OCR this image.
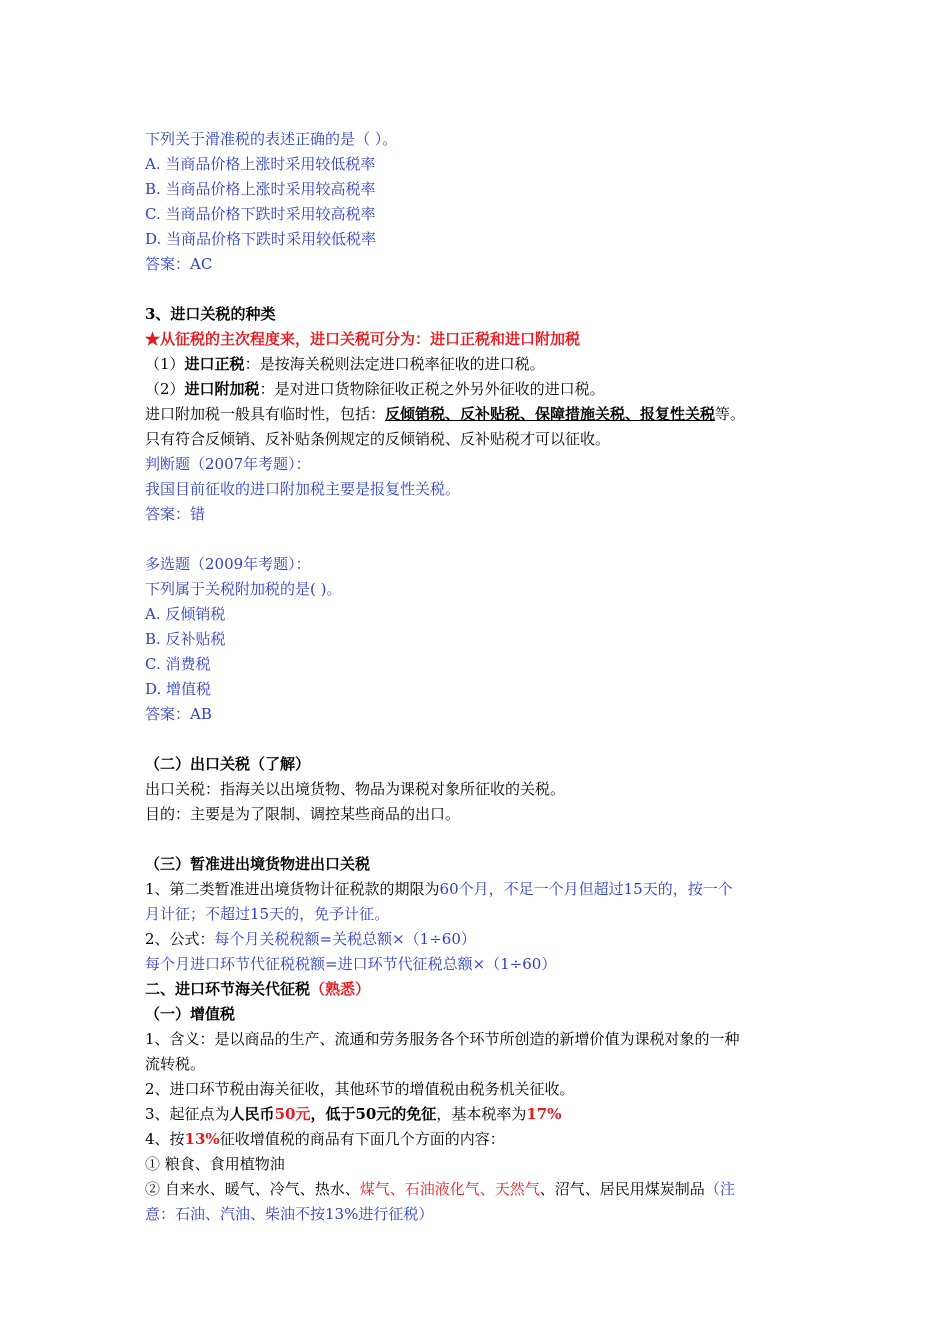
下列关于滑准税的表述正确的是（ ）。
A. 当商品价格上涨时采用较低税率
B. 当商品价格上涨时采用较高税率
C. 当商品价格下跌时采用较高税率
D. 当商品价格下跌时采用较低税率
答案：AC
3、进口关税的种类
★从征税的主次程度来，进口关税可分为：进口正税和进口附加税
（1）进口正税：是按海关税则法定进口税率征收的进口税。
（2）进口附加税：是对进口货物除征收正税之外另外征收的进口税。
进口附加税一般具有临时性，包括：反倾销税、反补贴税、保障措施关税、报复性关税等。
只有符合反倾销、反补贴条例规定的反倾销税、反补贴税才可以征收。
判断题（2007年考题）：
我国目前征收的进口附加税主要是报复性关税。
答案：错
多选题（2009年考题）：
下列属于关税附加税的是( )。
A. 反倾销税
B. 反补贴税
C. 消费税
D. 增值税
答案：AB
（二）出口关税（了解）
出口关税：指海关以出境货物、物品为课税对象所征收的关税。
目的：主要是为了限制、调控某些商品的出口。
（三）暂准进出境货物进出口关税
1、第二类暂准进出境货物计征税款的期限为60个月，不足一个月但超过15天的，按一个
月计征；不超过15天的，免予计征。
2、公式：每个月关税税额=关税总额×（1÷60）
每个月进口环节代征税税额=进口环节代征税总额×（1÷60）
二、进口环节海关代征税（熟悉）
（一）增值税
1、含义：是以商品的生产、流通和劳务服务各个环节所创造的新增价值为课税对象的一种
流转税。
2、进口环节税由海关征收，其他环节的增值税由税务机关征收。
3、起征点为人民币50元，低于50元的免征，基本税率为17%
4、按13%征收增值税的商品有下面几个方面的内容：
① 粮食、食用植物油
② 自来水、暖气、冷气、热水、煤气、石油液化气、天然气、沼气、居民用煤炭制品（注
意：石油、汽油、柴油不按13%进行征税）
